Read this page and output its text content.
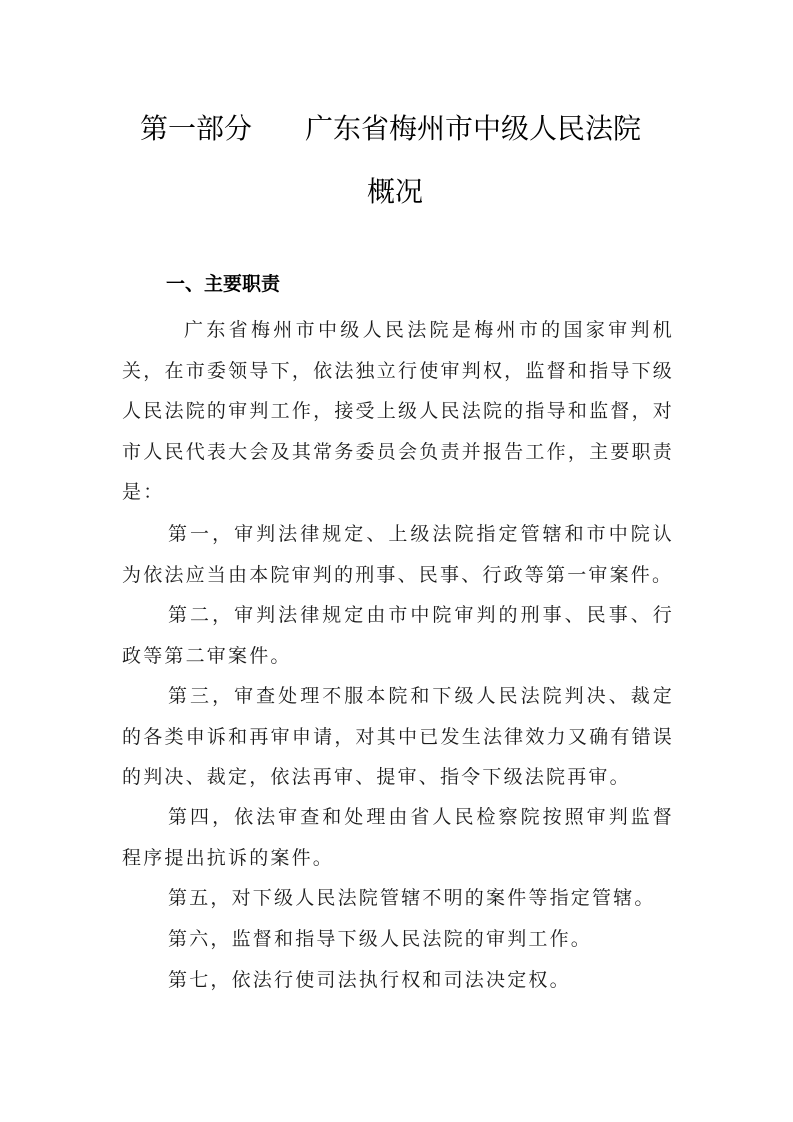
第一部分 广东省梅州市中级人民法院
概况
一、主要职责
广东省梅州市中级人民法院是梅州市的国家审判机关，在市委领导下，依法独立行使审判权，监督和指导下级人民法院的审判工作，接受上级人民法院的指导和监督，对市人民代表大会及其常务委员会负责并报告工作，主要职责是：
第一，审判法律规定、上级法院指定管辖和市中院认为依法应当由本院审判的刑事、民事、行政等第一审案件。
第二，审判法律规定由市中院审判的刑事、民事、行政等第二审案件。
第三，审查处理不服本院和下级人民法院判决、裁定的各类申诉和再审申请，对其中已发生法律效力又确有错误的判决、裁定，依法再审、提审、指令下级法院再审。
第四，依法审查和处理由省人民检察院按照审判监督程序提出抗诉的案件。
第五，对下级人民法院管辖不明的案件等指定管辖。
第六，监督和指导下级人民法院的审判工作。
第七，依法行使司法执行权和司法决定权。
